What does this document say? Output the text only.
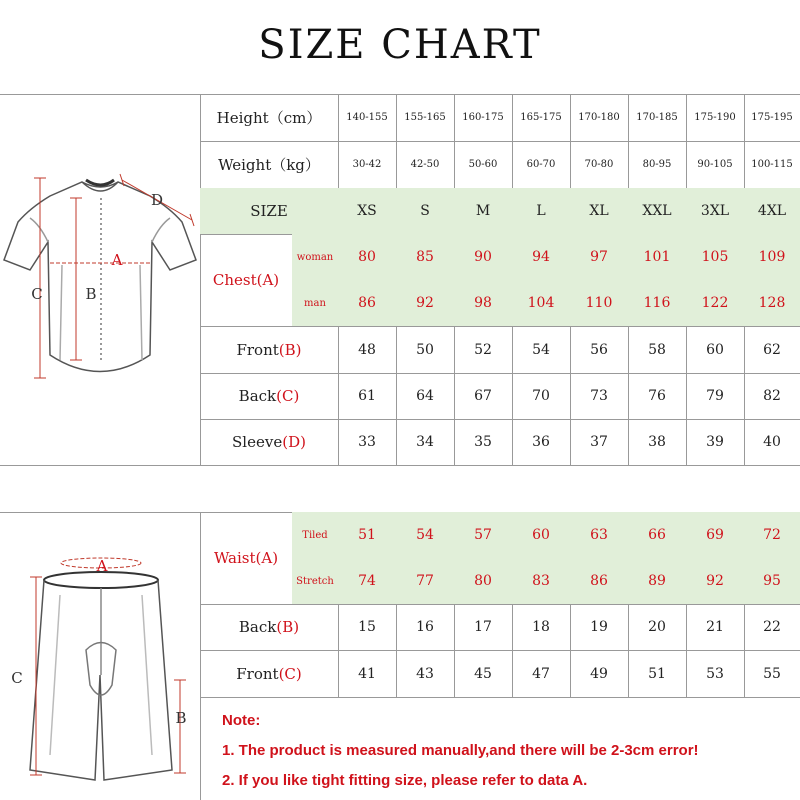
SIZE CHART
Height（cm）
Weight（kg）
SIZE
Chest(A)
woman
man
Front (B)
Back (C)
Sleeve (D)
140-155
30-42
XS
80
86
48
61
33
155-165
42-50
S
85
92
50
64
34
160-175
50-60
M
90
98
52
67
35
165-175
60-70
L
94
104
54
70
36
170-180
70-80
XL
97
110
56
73
37
170-185
80-95
XXL
101
116
58
76
38
175-190
90-105
3XL
105
122
60
79
39
175-195
100-115
4XL
109
128
62
82
40
Waist(A)
Tiled
Stretch
Back (B)
Front (C)
51
74
15
41
54
77
16
43
57
80
17
45
60
83
18
47
63
86
19
49
66
89
20
51
69
92
21
53
72
95
22
55
A
B
C
D
A
C
B Note:
1. The product is measured manually,and there will be 2-3cm error!
2. If you like tight fitting size, please refer to data A.
